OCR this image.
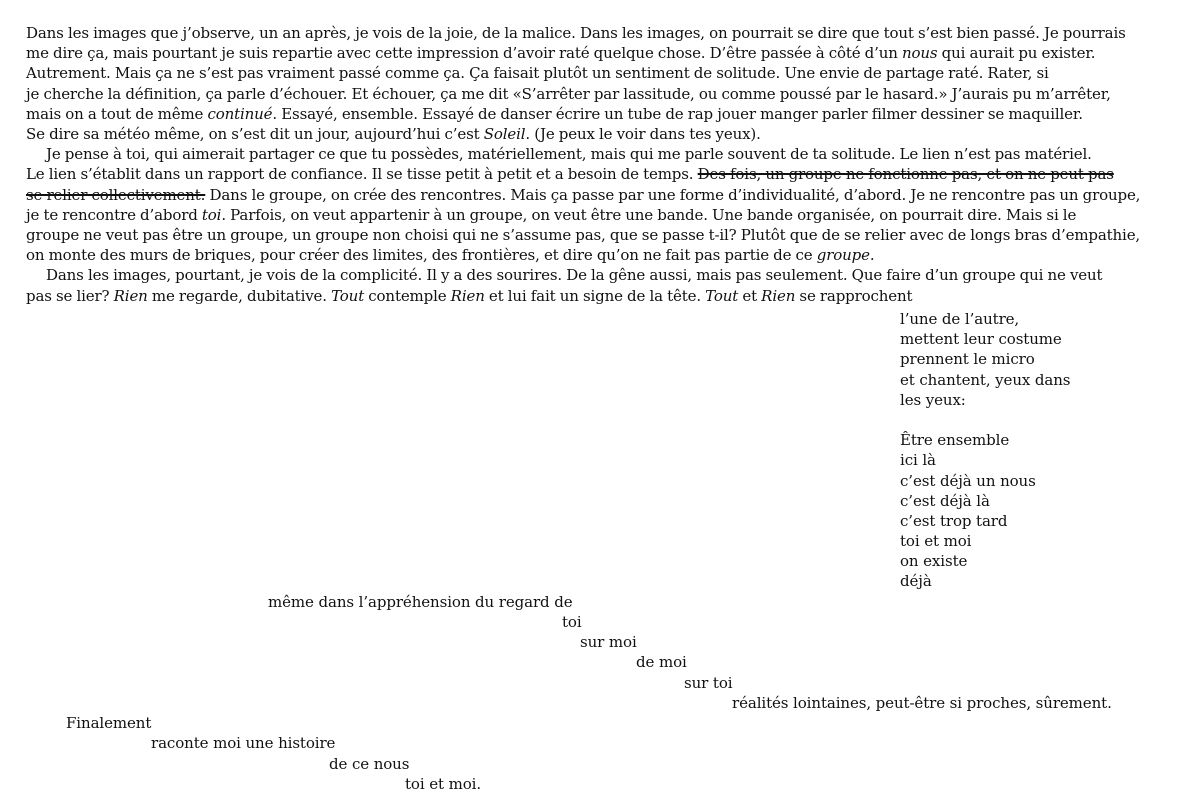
Dans les images que j’observe, un an après, je vois de la joie, de la malice. Dans les images, on pourrait se dire que tout s’est bien passé. Je pourrais
me dire ça, mais pourtant je suis repartie avec cette impression d’avoir raté quelque chose. D’être passée à côté d’un nous qui aurait pu exister.
Autrement. Mais ça ne s’est pas vraiment passé comme ça. Ça faisait plutôt un sentiment de solitude. Une envie de partage raté. Rater, si
je cherche la définition, ça parle d’échouer. Et échouer, ça me dit «S’arrêter par lassitude, ou comme poussé par le hasard.» J’aurais pu m’arrêter,
mais on a tout de même continué. Essayé, ensemble. Essayé de danser écrire un tube de rap jouer manger parler filmer dessiner se maquiller.
Se dire sa météo même, on s’est dit un jour, aujourd’hui c’est Soleil. (Je peux le voir dans tes yeux).

Je pense à toi, qui aimerait partager ce que tu possèdes, matériellement, mais qui me parle souvent de ta solitude. Le lien n’est pas matériel.
Le lien s’établit dans un rapport de confiance. Il se tisse petit à petit et a besoin de temps. Des fois, un groupe ne fonctionne pas, et on ne peut pas
se relier collectivement. Dans le groupe, on crée des rencontres. Mais ça passe par une forme d’individualité, d’abord. Je ne rencontre pas un groupe,
je te rencontre d’abord toi. Parfois, on veut appartenir à un groupe, on veut être une bande. Une bande organisée, on pourrait dire. Mais si le
groupe ne veut pas être un groupe, un groupe non choisi qui ne s’assume pas, que se passe t-il? Plutôt que de se relier avec de longs bras d’empathie,
on monte des murs de briques, pour créer des limites, des frontières, et dire qu’on ne fait pas partie de ce groupe.

Dans les images, pourtant, je vois de la complicité. Il y a des sourires. De la gêne aussi, mais pas seulement. Que faire d’un groupe qui ne veut
pas se lier? Rien me regarde, dubitative. Tout contemple Rien et lui fait un signe de la tête. Tout et Rien se rapprochent

l’une de l’autre,
mettent leur costume
prennent le micro
et chantent, yeux dans
les yeux:
Être ensemble
ici là
c’est déjà un nous
c’est déjà là
c’est trop tard
toi et moi
on existe
déjà
même dans l’appréhension du regard de
toi
sur moi
de moi
sur toi
réalités lointaines, peut-être si proches, sûrement.
Finalement
raconte moi une histoire
de ce nous
toi et moi.
